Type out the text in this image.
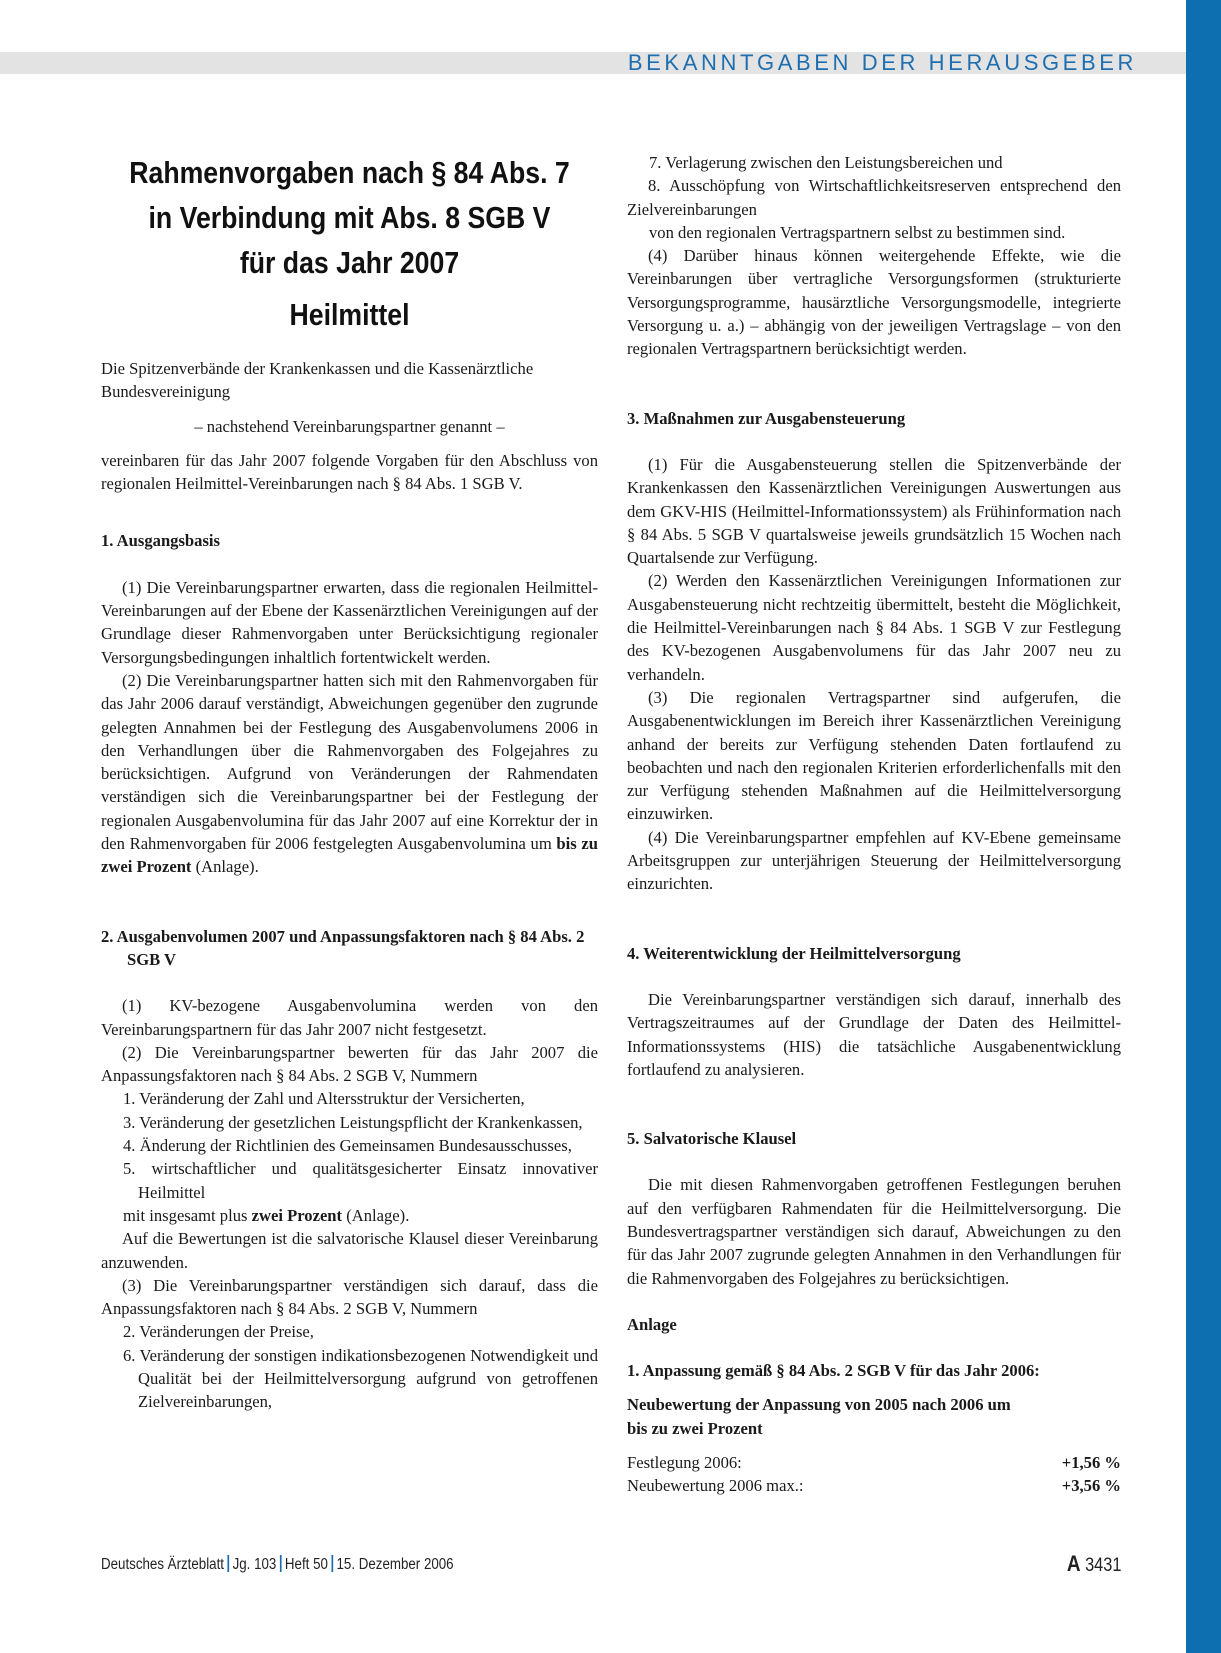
BEKANNTGABEN DER HERAUSGEBER
Rahmenvorgaben nach § 84 Abs. 7
in Verbindung mit Abs. 8 SGB V
für das Jahr 2007
Heilmittel

Die Spitzenverbände der Krankenkassen und die Kassenärztliche Bundesvereinigung

– nachstehend Vereinbarungspartner genannt –

vereinbaren für das Jahr 2007 folgende Vorgaben für den Abschluss von regionalen Heilmittel-Vereinbarungen nach § 84 Abs. 1 SGB V.

1. Ausgangsbasis

(1) Die Vereinbarungspartner erwarten, dass die regionalen Heilmittel-Vereinbarungen auf der Ebene der Kassenärztlichen Vereinigungen auf der Grundlage dieser Rahmenvorgaben unter Berücksichtigung regionaler Versorgungsbedingungen inhaltlich fortentwickelt werden.

(2) Die Vereinbarungspartner hatten sich mit den Rahmenvorgaben für das Jahr 2006 darauf verständigt, Abweichungen gegenüber den zugrunde gelegten Annahmen bei der Festlegung des Ausgabenvolumens 2006 in den Verhandlungen über die Rahmenvorgaben des Folgejahres zu berücksichtigen. Aufgrund von Veränderungen der Rahmendaten verständigen sich die Vereinbarungspartner bei der Festlegung der regionalen Ausgabenvolumina für das Jahr 2007 auf eine Korrektur der in den Rahmenvorgaben für 2006 festgelegten Ausgabenvolumina um bis zu zwei Prozent (Anlage).

2. Ausgabenvolumen 2007 und Anpassungsfaktoren nach § 84 Abs. 2 SGB V

(1) KV-bezogene Ausgabenvolumina werden von den Vereinbarungspartnern für das Jahr 2007 nicht festgesetzt.

(2) Die Vereinbarungspartner bewerten für das Jahr 2007 die Anpassungsfaktoren nach § 84 Abs. 2 SGB V, Nummern

1. Veränderung der Zahl und Altersstruktur der Versicherten,

3. Veränderung der gesetzlichen Leistungspflicht der Krankenkassen,

4. Änderung der Richtlinien des Gemeinsamen Bundesausschusses,

5. wirtschaftlicher und qualitätsgesicherter Einsatz innovativer Heilmittel

mit insgesamt plus zwei Prozent (Anlage).

Auf die Bewertungen ist die salvatorische Klausel dieser Vereinbarung anzuwenden.

(3) Die Vereinbarungspartner verständigen sich darauf, dass die Anpassungsfaktoren nach § 84 Abs. 2 SGB V, Nummern

2. Veränderungen der Preise,

6. Veränderung der sonstigen indikationsbezogenen Notwendigkeit und Qualität bei der Heilmittelversorgung aufgrund von getroffenen Zielvereinbarungen,

7. Verlagerung zwischen den Leistungsbereichen und

8. Ausschöpfung von Wirtschaftlichkeitsreserven entsprechend den Zielvereinbarungen

von den regionalen Vertragspartnern selbst zu bestimmen sind.

(4) Darüber hinaus können weitergehende Effekte, wie die Vereinbarungen über vertragliche Versorgungsformen (strukturierte Versorgungsprogramme, hausärztliche Versorgungsmodelle, integrierte Versorgung u. a.) – abhängig von der jeweiligen Vertragslage – von den regionalen Vertragspartnern berücksichtigt werden.

3. Maßnahmen zur Ausgabensteuerung

(1) Für die Ausgabensteuerung stellen die Spitzenverbände der Krankenkassen den Kassenärztlichen Vereinigungen Auswertungen aus dem GKV-HIS (Heilmittel-Informationssystem) als Frühinformation nach § 84 Abs. 5 SGB V quartalsweise jeweils grundsätzlich 15 Wochen nach Quartalsende zur Verfügung.

(2) Werden den Kassenärztlichen Vereinigungen Informationen zur Ausgabensteuerung nicht rechtzeitig übermittelt, besteht die Möglichkeit, die Heilmittel-Vereinbarungen nach § 84 Abs. 1 SGB V zur Festlegung des KV-bezogenen Ausgabenvolumens für das Jahr 2007 neu zu verhandeln.

(3) Die regionalen Vertragspartner sind aufgerufen, die Ausgabenentwicklungen im Bereich ihrer Kassenärztlichen Vereinigung anhand der bereits zur Verfügung stehenden Daten fortlaufend zu beobachten und nach den regionalen Kriterien erforderlichenfalls mit den zur Verfügung stehenden Maßnahmen auf die Heilmittelversorgung einzuwirken.

(4) Die Vereinbarungspartner empfehlen auf KV-Ebene gemeinsame Arbeitsgruppen zur unterjährigen Steuerung der Heilmittelversorgung einzurichten.

4. Weiterentwicklung der Heilmittelversorgung

Die Vereinbarungspartner verständigen sich darauf, innerhalb des Vertragszeitraumes auf der Grundlage der Daten des Heilmittel-Informationssystems (HIS) die tatsächliche Ausgabenentwicklung fortlaufend zu analysieren.

5. Salvatorische Klausel

Die mit diesen Rahmenvorgaben getroffenen Festlegungen beruhen auf den verfügbaren Rahmendaten für die Heilmittelversorgung. Die Bundesvertragspartner verständigen sich darauf, Abweichungen zu den für das Jahr 2007 zugrunde gelegten Annahmen in den Verhandlungen für die Rahmenvorgaben des Folgejahres zu berücksichtigen.

Anlage

1. Anpassung gemäß § 84 Abs. 2 SGB V für das Jahr 2006:

Neubewertung der Anpassung von 2005 nach 2006 um bis zu zwei Prozent

Festlegung 2006:	+1,56 %
Neubewertung 2006 max.:	+3,56 %
Deutsches Ärzteblatt Jg. 103 Heft 50 15. Dezember 2006	A 3431
